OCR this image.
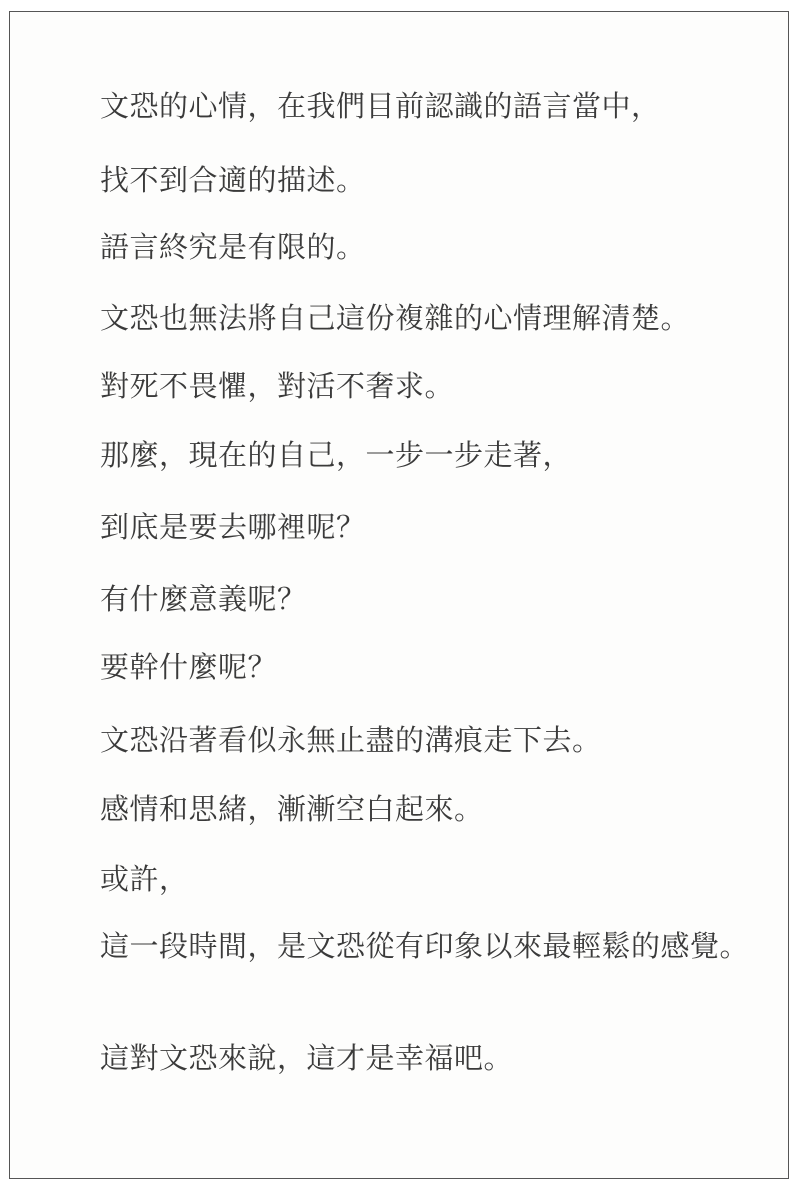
文恐的心情，在我們目前認識的語言當中，

找不到合適的描述。

語言終究是有限的。

文恐也無法將自己這份複雜的心情理解清楚。

對死不畏懼，對活不奢求。

那麼，現在的自己，一步一步走著，

到底是要去哪裡呢？

有什麼意義呢？

要幹什麼呢？

文恐沿著看似永無止盡的溝痕走下去。

感情和思緒，漸漸空白起來。

或許，

這一段時間，是文恐從有印象以來最輕鬆的感覺。

這對文恐來說，這才是幸福吧。
